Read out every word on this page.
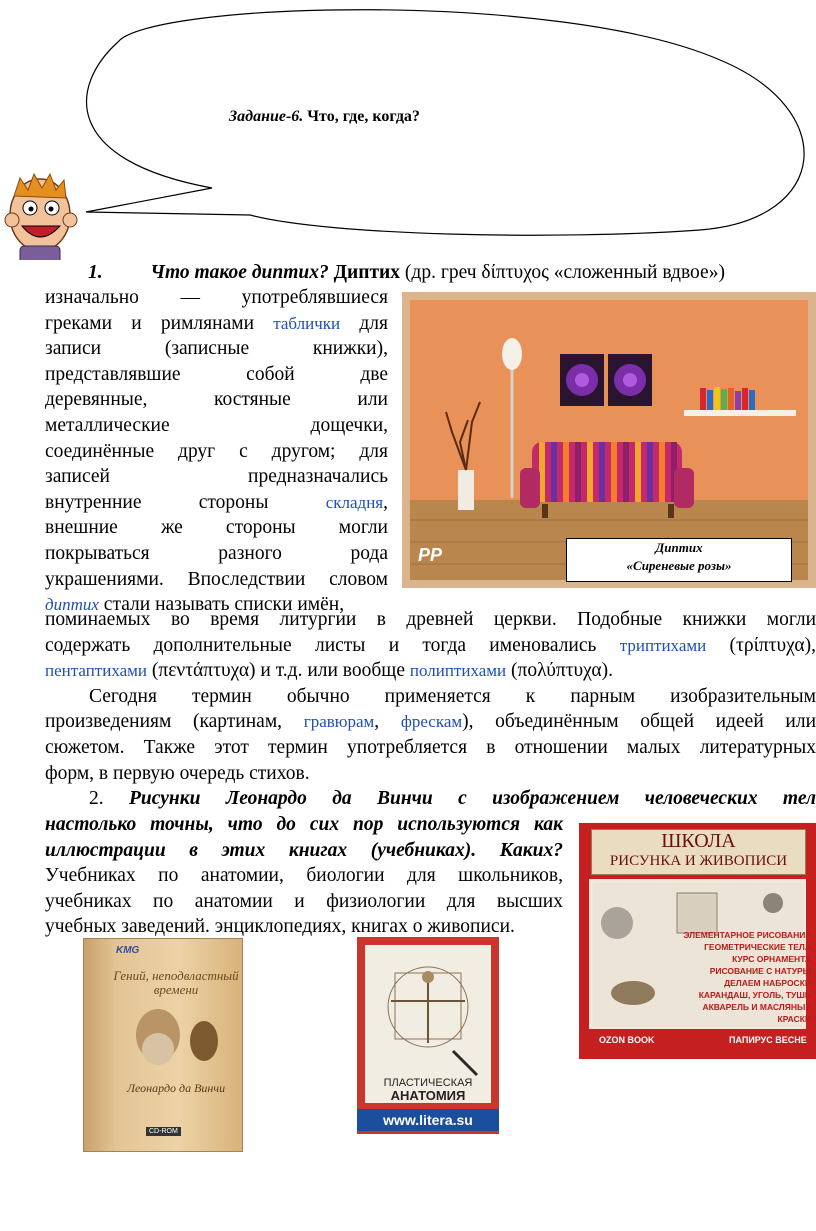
Задание-6. Что, где, когда?
1. Что такое диптих? Диптих (др. греч δίπτυχος «сложенный вдвое»)

изначально — употреблявшиеся

греками и римлянами таблички для

записи (записные книжки),

представлявшие собой две

деревянные, костяные или

металлические дощечки,

соединённые друг с другом; для

записей предназначались

внутренние стороны	складня,

внешние же стороны могли

покрываться разного рода

украшениями. Впоследствии словом

диптих стали называть списки имён,

PP	Диптих
«Сиреневые розы»

поминаемых во время литургии в древней церкви. Подобные книжки могли

содержать дополнительные листы и тогда именовались триптихами (τρίπτυχα),

пентаптихами (πεντάπτυχα) и т.д. или вообще полиптихами (πολύπτυχα).

Сегодня термин обычно применяется к парным изобразительным

произведениям (картинам, гравюрам, фрескам), объединённым общей идеей или

сюжетом. Также этот термин употребляется в отношении малых литературных

форм, в первую очередь стихов.

2. Рисунки Леонардо да Винчи с изображением человеческих тел

настолько точны, что до сих пор используются как

иллюстрации в этих книгах (учебниках). Каких?

Учебниках по анатомии, биологии для школьников,

учебниках по анатомии и физиологии для высших

учебных заведений. энциклопедиях, книгах о живописи.

ШКОЛА
РИСУНКА И ЖИВОПИСИ
ЭЛЕМЕНТАРНОЕ РИСОВАНИЕ
ГЕОМЕТРИЧЕСКИЕ ТЕЛА
КУРС ОРНАМЕНТА
РИСОВАНИЕ С НАТУРЫ
ДЕЛАЕМ НАБРОСКИ
КАРАНДАШ, УГОЛЬ, ТУШЬ
АКВАРЕЛЬ И МАСЛЯНЫЕ КРАСКИ
OZON BOOK	ПАПИРУС ВЕСНЕ
KMG
Гений, неподвластный времени
Леонардо да Винчи
CD-ROM
ПЛАСТИЧЕСКАЯ
АНАТОМИЯ
www.litera.su
